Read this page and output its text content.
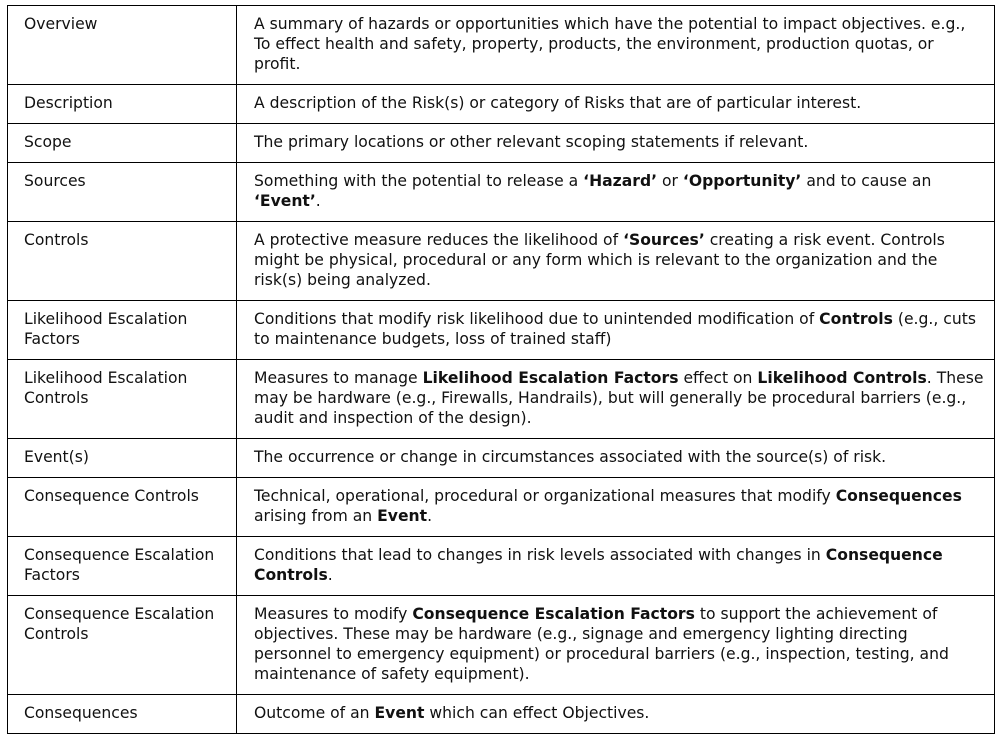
Overview	A summary of hazards or opportunities which have the potential to impact objectives. e.g., To effect health and safety, property, products, the environment, production quotas, or profit.
Description	A description of the Risk(s) or category of Risks that are of particular interest.
Scope	The primary locations or other relevant scoping statements if relevant.
Sources	Something with the potential to release a ‘Hazard’ or ‘Opportunity’ and to cause an ‘Event’.
Controls	A protective measure reduces the likelihood of ‘Sources’ creating a risk event. Controls might be physical, procedural or any form which is relevant to the organization and the risk(s) being analyzed.
Likelihood Escalation Factors	Conditions that modify risk likelihood due to unintended modification of Controls (e.g., cuts to maintenance budgets, loss of trained staff)
Likelihood Escalation Controls	Measures to manage Likelihood Escalation Factors effect on Likelihood Controls. These may be hardware (e.g., Firewalls, Handrails), but will generally be procedural barriers (e.g., audit and inspection of the design).
Event(s)	The occurrence or change in circumstances associated with the source(s) of risk.
Consequence Controls	Technical, operational, procedural or organizational measures that modify Consequences arising from an Event.
Consequence Escalation Factors	Conditions that lead to changes in risk levels associated with changes in Consequence Controls.
Consequence Escalation Controls	Measures to modify Consequence Escalation Factors to support the achievement of objectives. These may be hardware (e.g., signage and emergency lighting directing personnel to emergency equipment) or procedural barriers (e.g., inspection, testing, and maintenance of safety equipment).
Consequences	Outcome of an Event which can effect Objectives.
